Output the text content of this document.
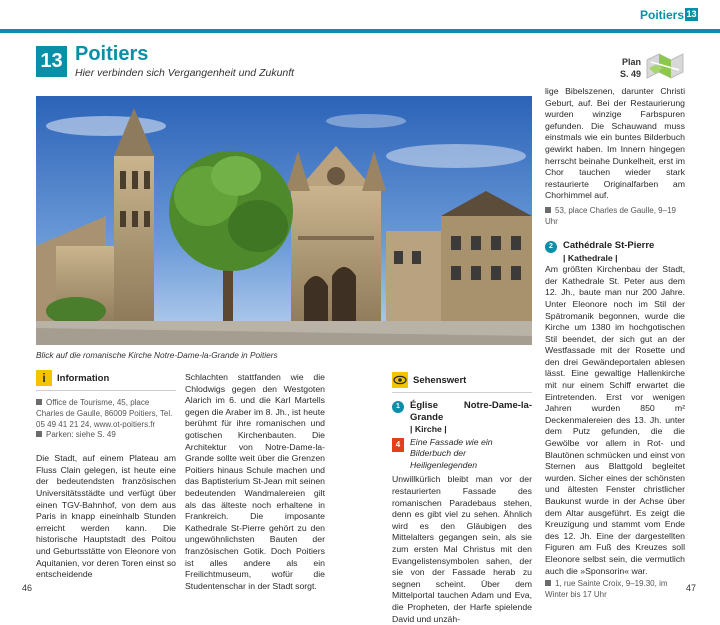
Poitiers 13
13 Poitiers
Hier verbinden sich Vergangenheit und Zukunft
Plan
S. 49
Blick auf die romanische Kirche Notre-Dame-la-Grande in Poitiers
i	Information
Office de Tourisme, 45, place Charles de Gaulle, 86009 Poitiers, Tel. 05 49 41 21 24, www.ot-poitiers.fr
Parken: siehe S. 49

Die Stadt, auf einem Plateau am Fluss Clain gelegen, ist heute eine der bedeutendsten französischen Universitätsstädte und verfügt über einen TGV-Bahnhof, von dem aus Paris in knapp eineinhalb Stunden erreicht werden kann. Die historische Hauptstadt des Poitou und Geburtsstätte von Eleonore von Aquitanien, vor deren Toren einst so entscheidende

Schlachten stattfanden wie die Chlodwigs gegen den Westgoten Alarich im 6. und die Karl Martells gegen die Araber im 8. Jh., ist heute berühmt für ihre romanischen und gotischen Kirchenbauten. Die Architektur von Notre-Dame-la-Grande sollte weit über die Grenzen Poitiers hinaus Schule machen und das Baptisterium St-Jean mit seinen bedeutenden Wandmalereien gilt als das älteste noch erhaltene in Frankreich. Die imposante Kathedrale St-Pierre gehört zu den ungewöhnlichsten Bauten der französischen Gotik. Doch Poitiers ist alles andere als ein Freilichtmuseum, wofür die Studentenschar in der Stadt sorgt.

Sehenswert
1	Église Notre-Dame-la-Grande
| Kirche |
4	Eine Fassade wie ein Bilderbuch der Heiligenlegenden

Unwillkürlich bleibt man vor der restaurierten Fassade des romanischen Paradebaus stehen, denn es gibt viel zu sehen. Ähnlich wird es den Gläubigen des Mittelalters gegangen sein, als sie zum ersten Mal Christus mit den Evangelistensymbolen sahen, der sie von der Fassade herab zu segnen scheint. Über dem Mittelportal tauchen Adam und Eva, die Propheten, der Harfe spielende David und unzäh-

lige Bibelszenen, darunter Christi Geburt, auf. Bei der Restaurierung wurden winzige Farbspuren gefunden. Die Schauwand muss einstmals wie ein buntes Bilderbuch gewirkt haben. Im Innern hingegen herrscht beinahe Dunkelheit, erst im Chor tauchen wieder stark restaurierte Originalfarben am Chorhimmel auf.

53, place Charles de Gaulle, 9–19 Uhr
2	Cathédrale St-Pierre
| Kathedrale |

Am größten Kirchenbau der Stadt, der Kathedrale St. Peter aus dem 12. Jh., baute man nur 200 Jahre. Unter Eleonore noch im Stil der Spätromanik begonnen, wurde die Kirche um 1380 im hochgotischen Stil beendet, der sich gut an der Westfassade mit der Rosette und den drei Gewändeportalen ablesen lässt. Eine gewaltige Hallenkirche mit nur einem Schiff erwartet die Eintretenden. Erst vor wenigen Jahren wurden 850 m² Deckenmalereien des 13. Jh. unter dem Putz gefunden, die die Gewölbe vor allem in Rot- und Blautönen schmücken und einst von Sternen aus Blattgold begleitet wurden. Sicher eines der schönsten und ältesten Fenster christlicher Baukunst wurde in der Achse über dem Altar ausgeführt. Es zeigt die Kreuzigung und stammt vom Ende des 12. Jh. Eine der dargestellten Figuren am Fuß des Kreuzes soll Eleonore selbst sein, die vermutlich auch die »Sponsorin« war.

1, rue Sainte Croix, 9–19.30, im Winter bis 17 Uhr
46	47
